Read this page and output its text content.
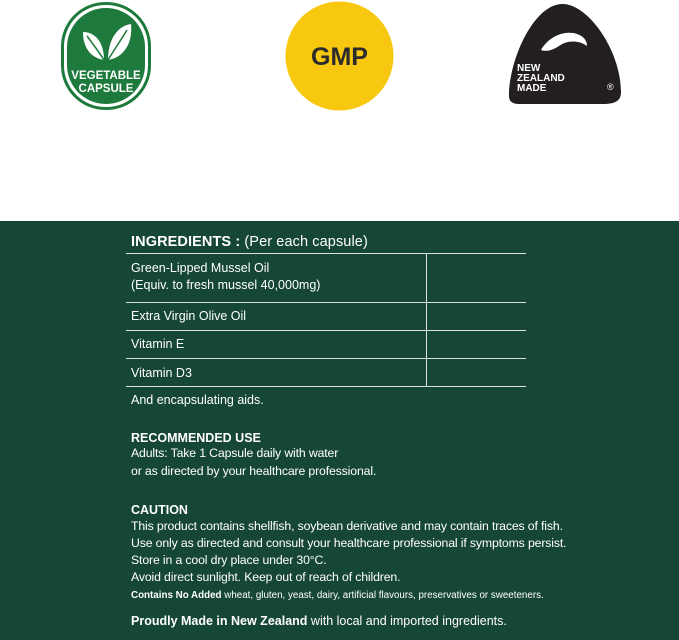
VEGETABLE
CAPSULE
GMP	NEW
ZEALAND
MADE	®
INGREDIENTS : (Per each capsule)
Green-Lipped Mussel Oil
(Equiv. to fresh mussel 40,000mg)
Extra Virgin Olive Oil
Vitamin E
Vitamin D3
And encapsulating aids.
RECOMMENDED USE
Adults: Take 1 Capsule daily with water
or as directed by your healthcare professional.
CAUTION
This product contains shellfish, soybean derivative and may contain traces of fish.
Use only as directed and consult your healthcare professional if symptoms persist.
Store in a cool dry place under 30°C.
Avoid direct sunlight. Keep out of reach of children.
Contains No Added wheat, gluten, yeast, dairy, artificial flavours, preservatives or sweeteners.
Proudly Made in New Zealand with local and imported ingredients.
